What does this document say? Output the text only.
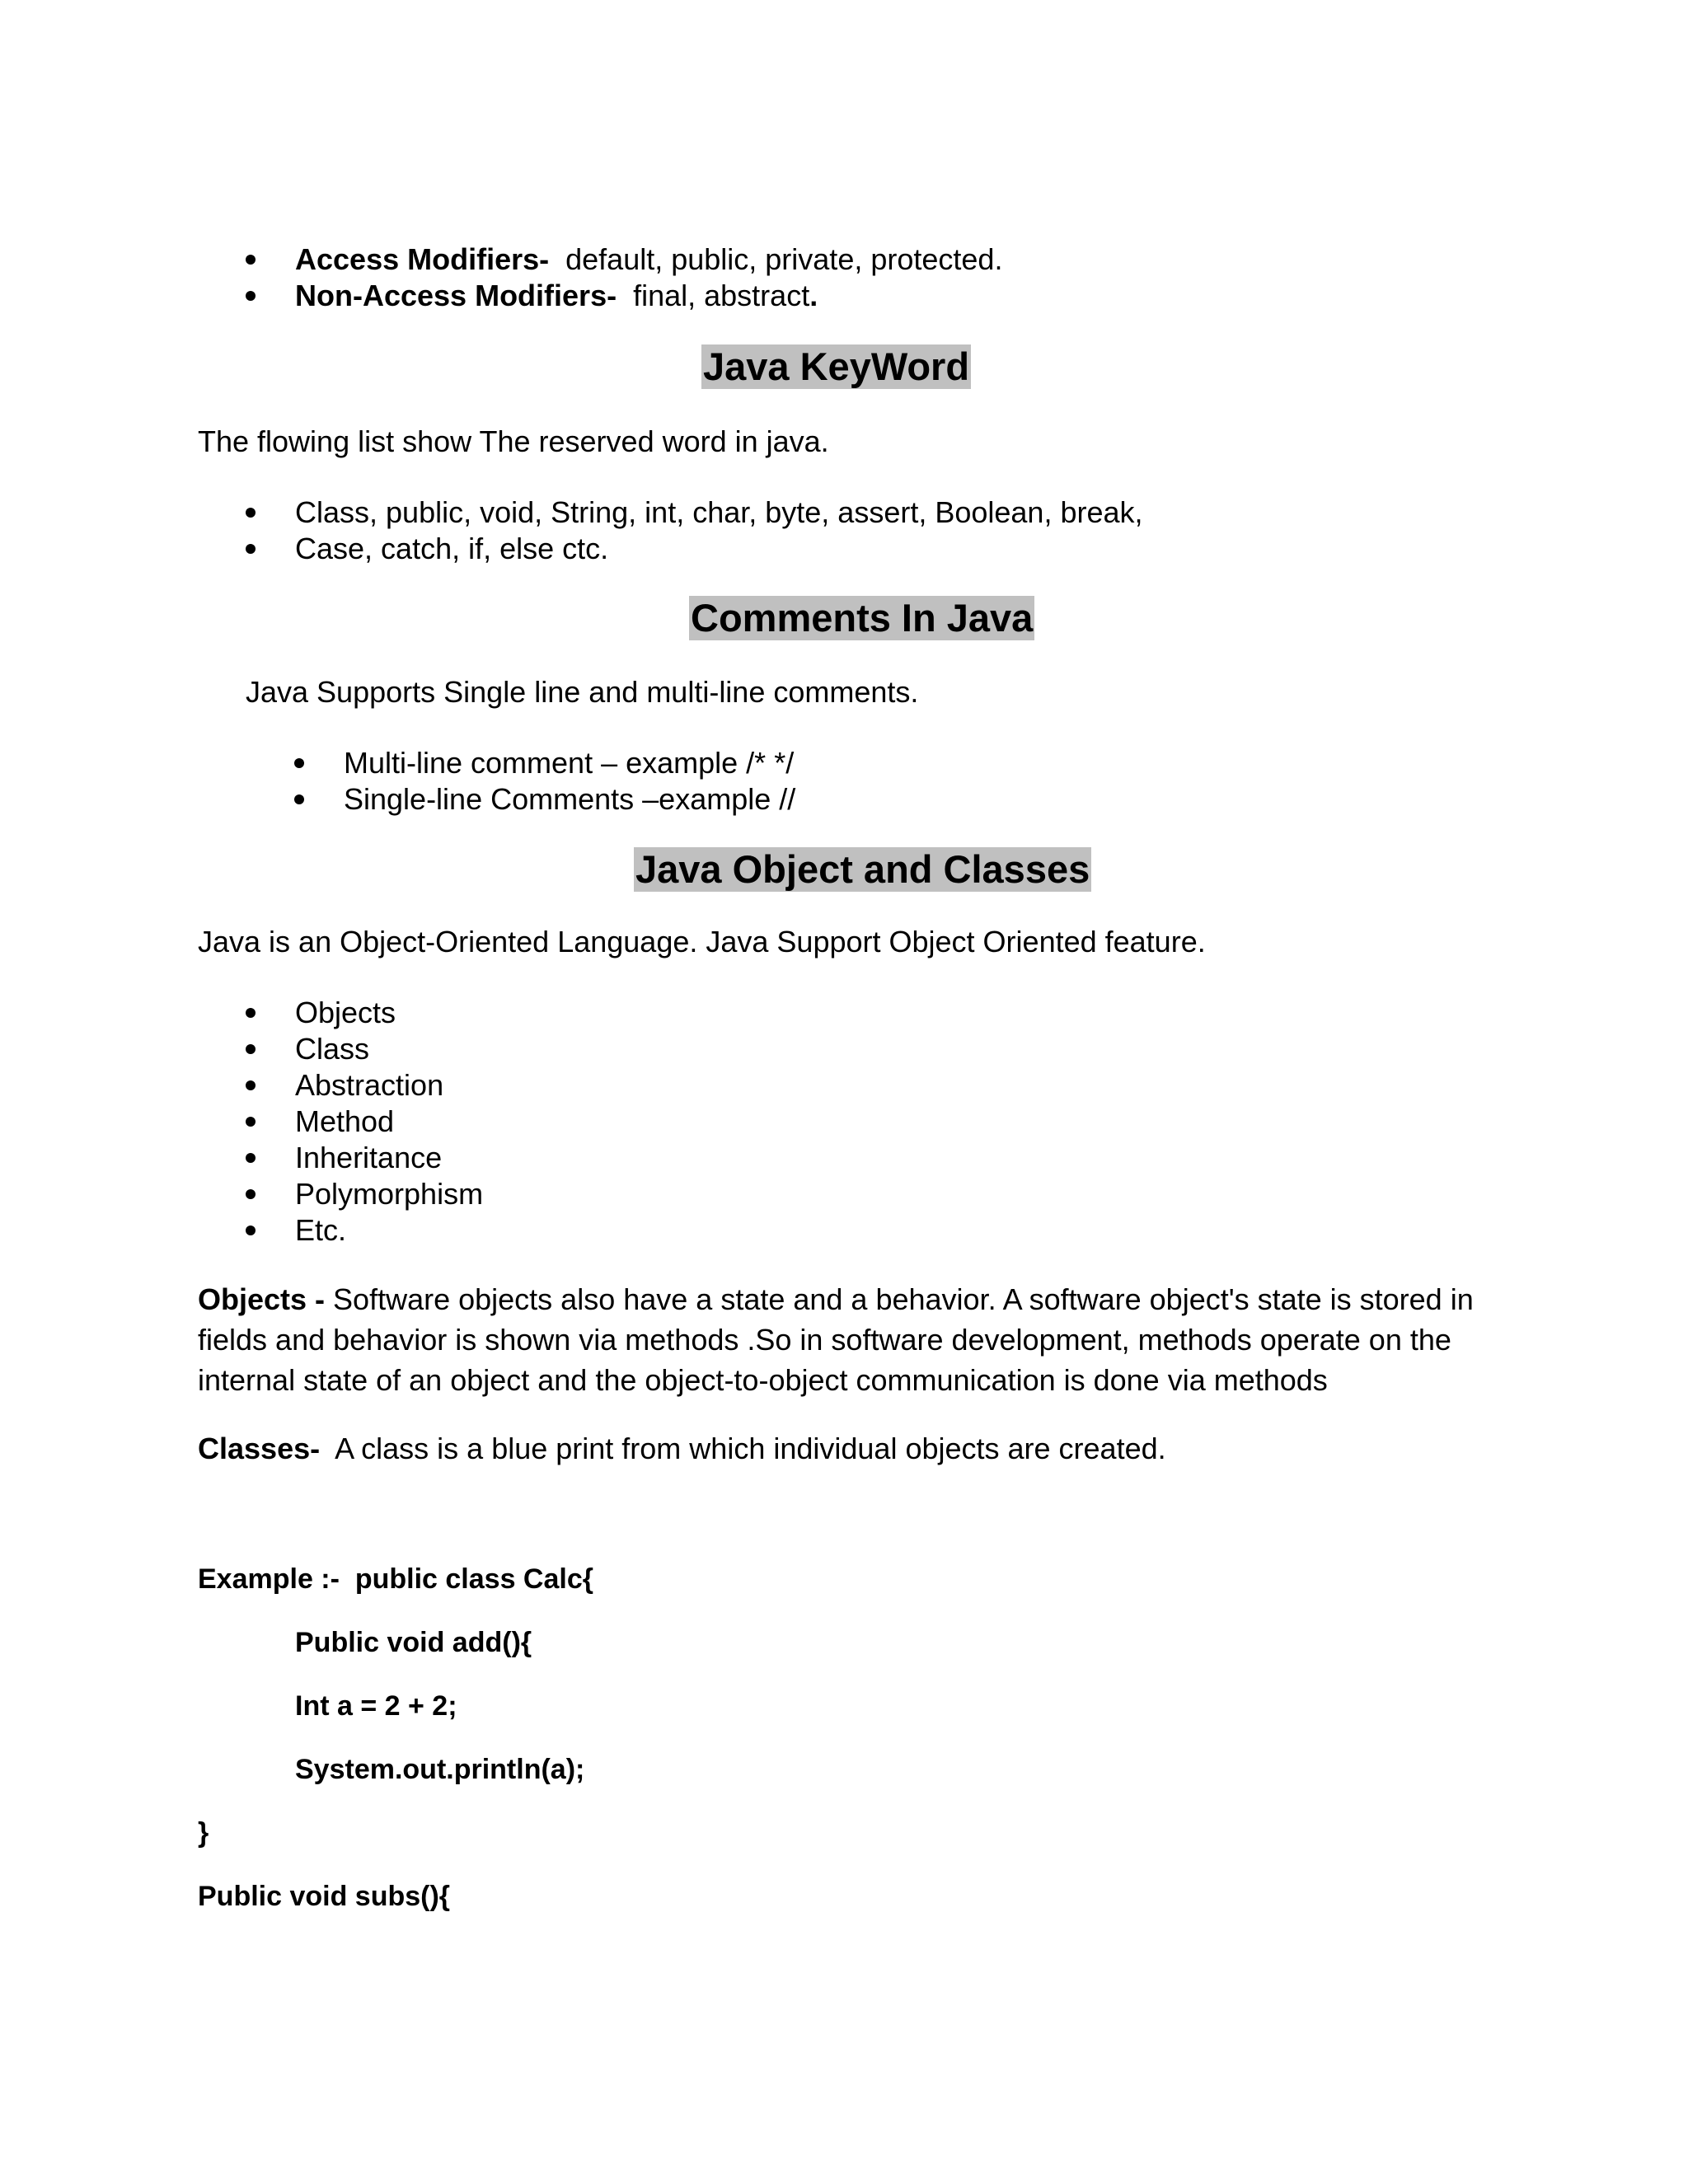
Access Modifiers- default, public, private, protected.
Non-Access Modifiers- final, abstract.
Java KeyWord
The flowing list show The reserved word in java.
Class, public, void, String, int, char, byte, assert, Boolean, break,
Case, catch, if, else ctc.
Comments In Java
Java Supports Single line and multi-line comments.
Multi-line comment – example /* */
Single-line Comments –example //
Java Object and Classes
Java is an Object-Oriented Language. Java Support Object Oriented feature.
Objects
Class
Abstraction
Method
Inheritance
Polymorphism
Etc.
Objects - Software objects also have a state and a behavior. A software object's state is stored in fields and behavior is shown via methods .So in software development, methods operate on the internal state of an object and the object-to-object communication is done via methods
Classes-  A class is a blue print from which individual objects are created.
Example :-  public class Calc{
Public void add(){
Int a = 2 + 2;
System.out.println(a);
}
Public void subs(){
